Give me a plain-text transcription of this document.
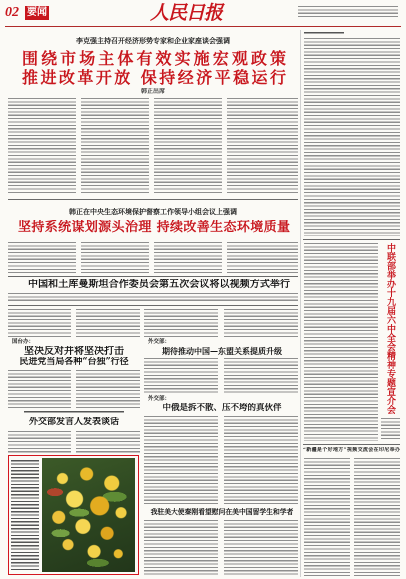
02 要闻	人民日报
李克强主持召开经济形势专家和企业家座谈会强调
围绕市场主体有效实施宏观政策
推进改革开放 保持经济平稳运行
韩正出席
韩正在中央生态环境保护督察工作领导小组会议上强调
坚持系统谋划源头治理 持续改善生态环境质量
中国和土库曼斯坦合作委员会第五次会议将以视频方式举行
国台办：
坚决反对并将坚决打击
民进党当局各种“台独”行径
外交部发言人发表谈话
外交部：
期待推动中国—东盟关系提质升级
外交部：
中俄是拆不散、压不垮的真伙伴
我驻美大使秦刚看望慰问在美中国留学生和学者
中联部举办十九届六中全会精神专题宣介会
“新疆是个好地方”视频交流会在印尼举办
